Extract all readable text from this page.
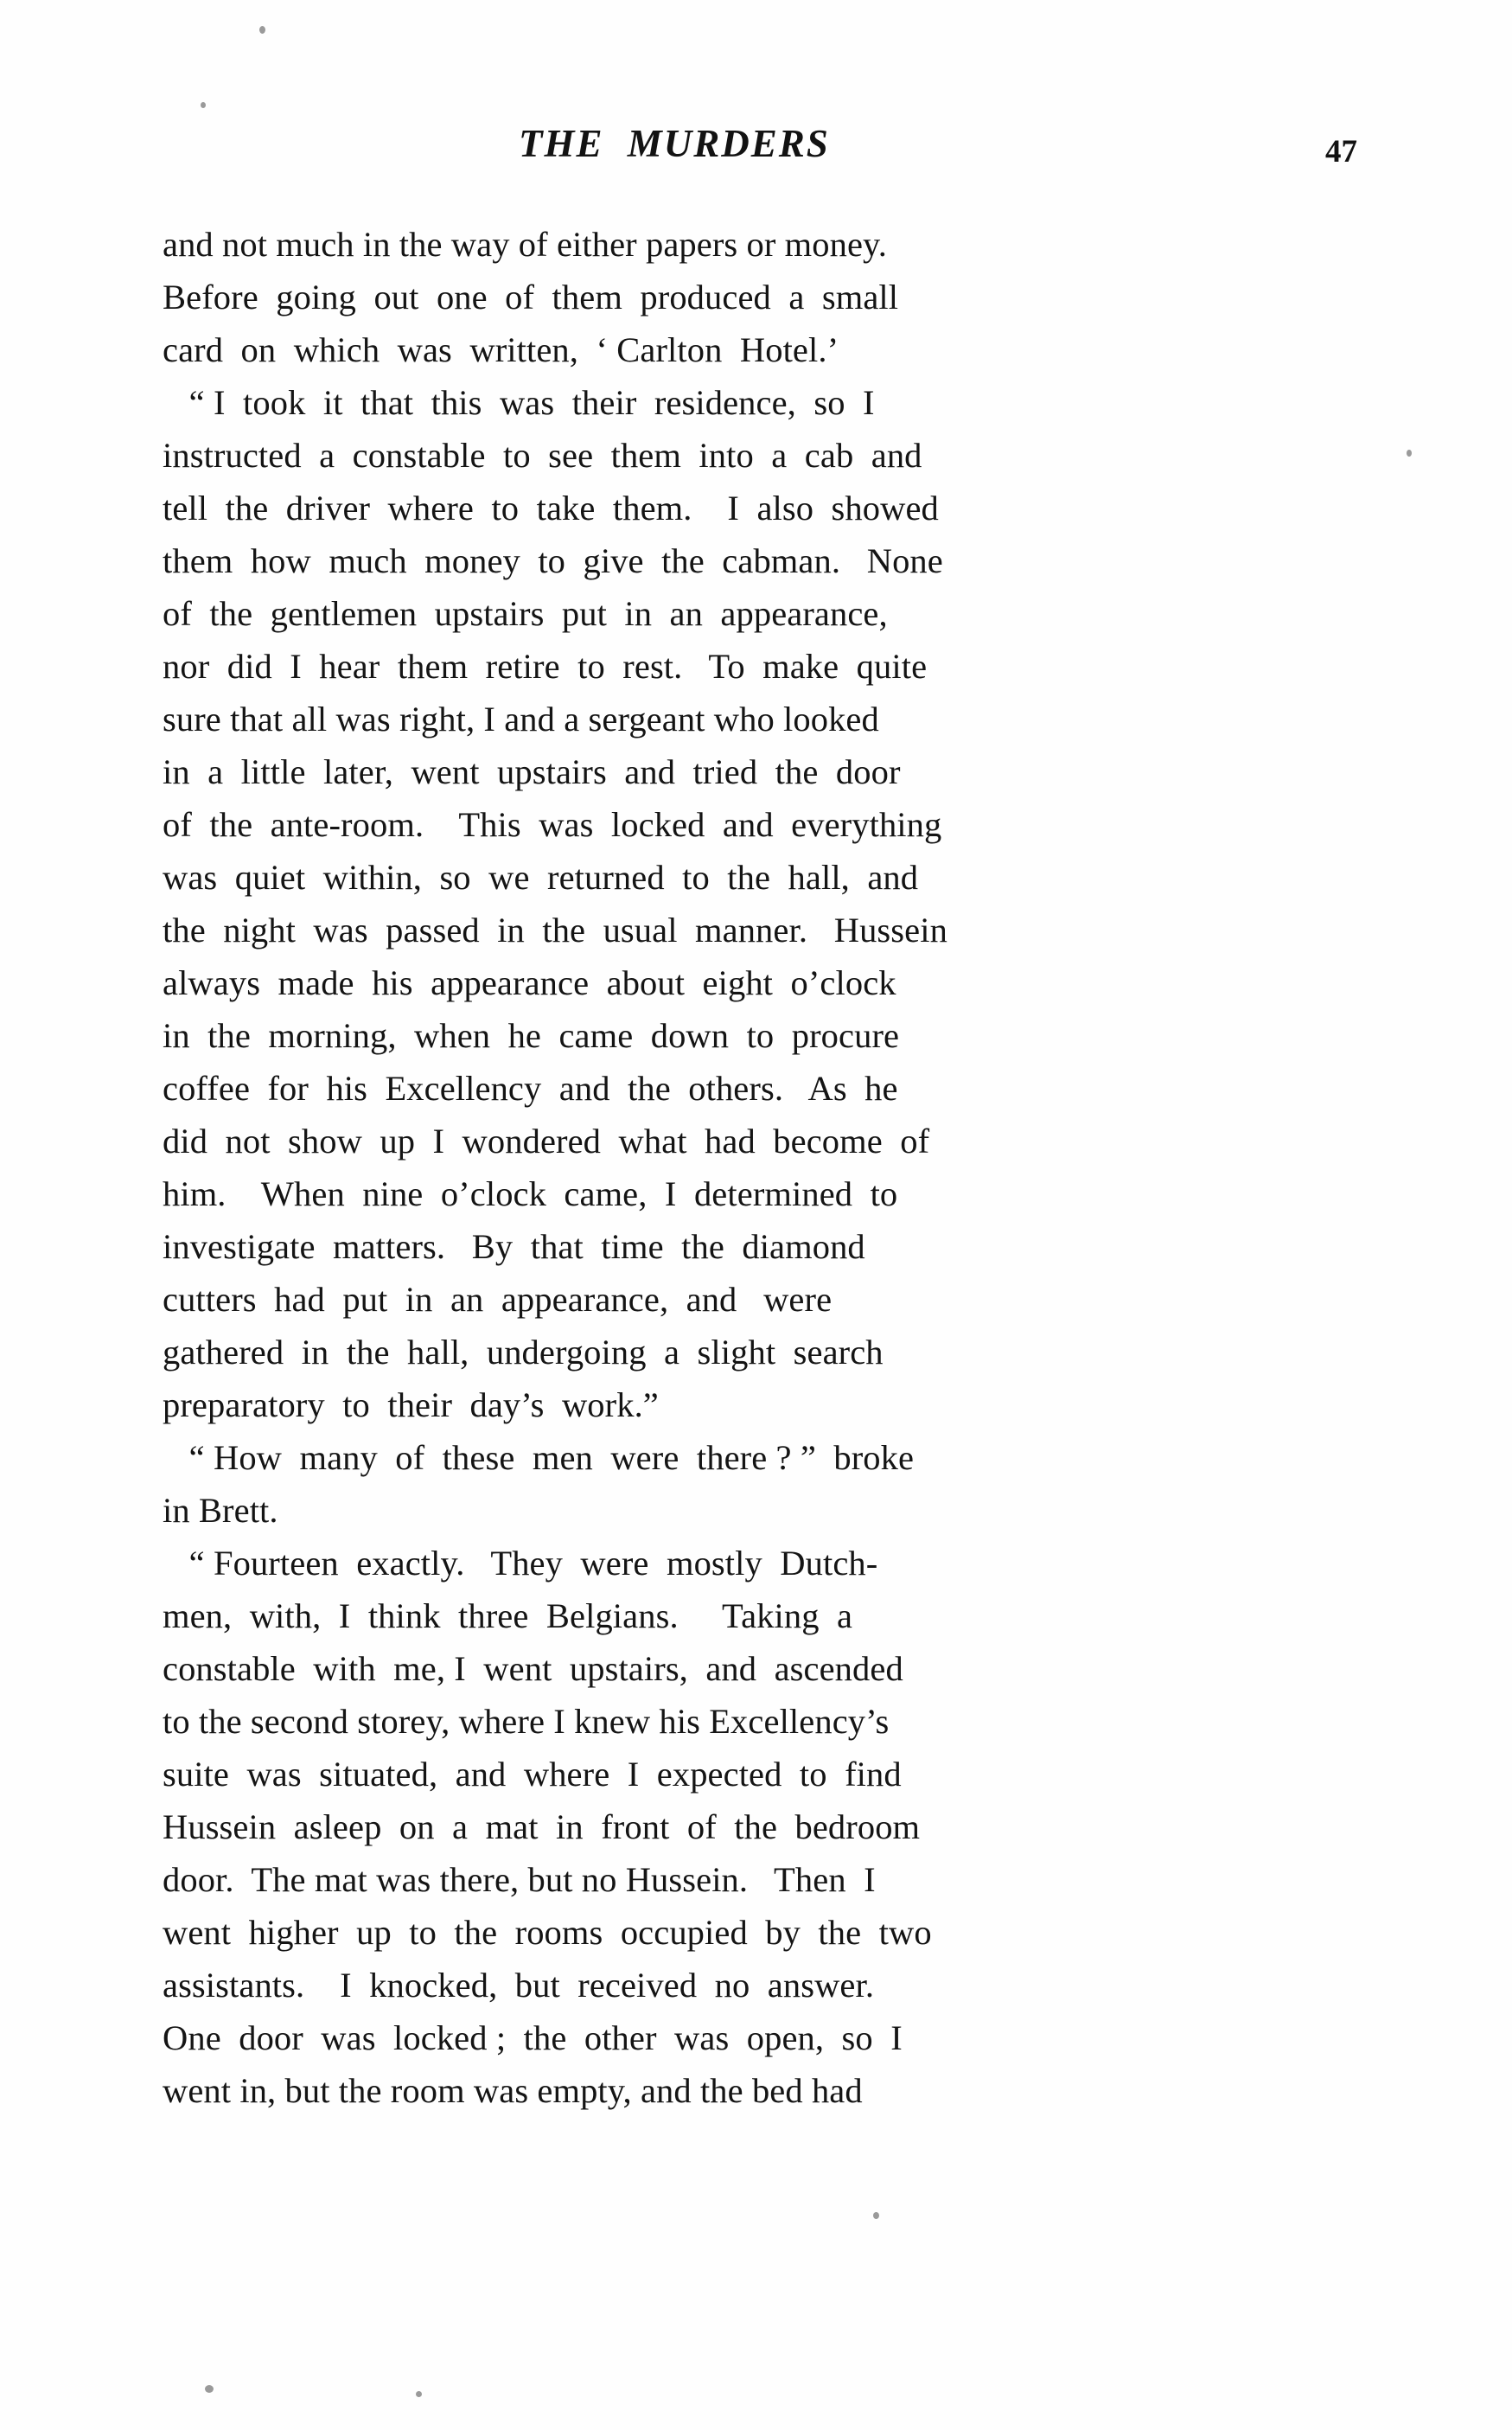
THE MURDERS	47
and not much in the way of either papers or money.
Before  going  out  one  of  them  produced  a  small
card  on  which  was  written,  ‘ Carlton  Hotel.’
“ I  took  it  that  this  was  their  residence,  so  I
instructed  a  constable  to  see  them  into  a  cab  and
tell  the  driver  where  to  take  them.    I  also  showed
them  how  much  money  to  give  the  cabman.   None
of  the  gentlemen  upstairs  put  in  an  appearance,
nor  did  I  hear  them  retire  to  rest.   To  make  quite
sure that all was right, I and a sergeant who looked
in  a  little  later,  went  upstairs  and  tried  the  door
of  the  ante-room.    This  was  locked  and  everything
was  quiet  within,  so  we  returned  to  the  hall,  and
the  night  was  passed  in  the  usual  manner.   Hussein
always  made  his  appearance  about  eight  o’clock
in  the  morning,  when  he  came  down  to  procure
coffee  for  his  Excellency  and  the  others.   As  he
did  not  show  up  I  wondered  what  had  become  of
him.    When  nine  o’clock  came,  I  determined  to
investigate  matters.   By  that  time  the  diamond
cutters  had  put  in  an  appearance,  and   were
gathered  in  the  hall,  undergoing  a  slight  search
preparatory  to  their  day’s  work.”
“ How  many  of  these  men  were  there ? ”  broke
in Brett.
“ Fourteen  exactly.   They  were  mostly  Dutch-
men,  with,  I  think  three  Belgians.     Taking  a
constable  with  me, I  went  upstairs,  and  ascended
to the second storey, where I knew his Excellency’s
suite  was  situated,  and  where  I  expected  to  find
Hussein  asleep  on  a  mat  in  front  of  the  bedroom
door.  The mat was there, but no Hussein.   Then  I
went  higher  up  to  the  rooms  occupied  by  the  two
assistants.    I  knocked,  but  received  no  answer.
One  door  was  locked ;  the  other  was  open,  so  I
went in, but the room was empty, and the bed had
